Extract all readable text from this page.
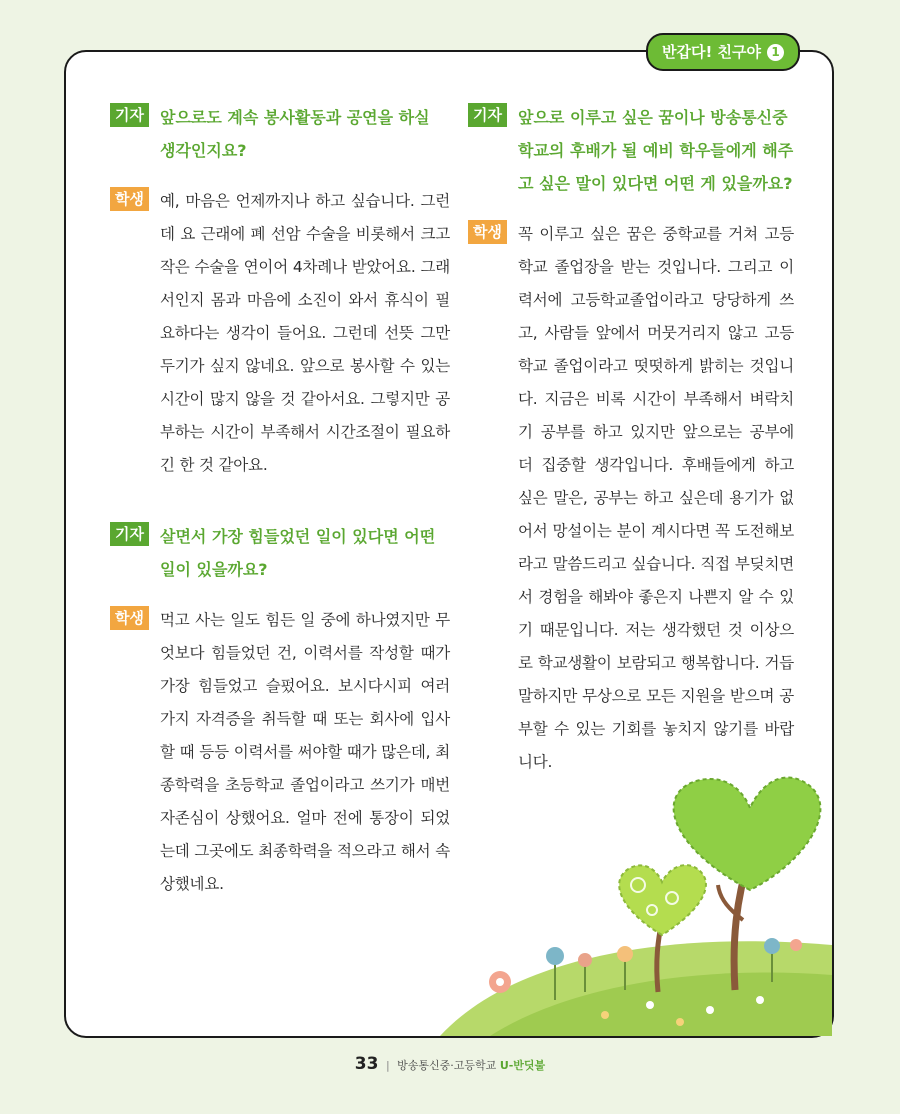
반갑다! 친구야 1
기자	앞으로도 계속 봉사활동과 공연을 하실 생각인지요?
학생	예, 마음은 언제까지나 하고 싶습니다. 그런데 요 근래에 폐 선암 수술을 비롯해서 크고 작은 수술을 연이어 4차례나 받았어요. 그래서인지 몸과 마음에 소진이 와서 휴식이 필요하다는 생각이 들어요. 그런데 선뜻 그만두기가 싶지 않네요. 앞으로 봉사할 수 있는 시간이 많지 않을 것 같아서요. 그렇지만 공부하는 시간이 부족해서 시간조절이 필요하긴 한 것 같아요.
기자	살면서 가장 힘들었던 일이 있다면 어떤 일이 있을까요?
학생	먹고 사는 일도 힘든 일 중에 하나였지만 무엇보다 힘들었던 건, 이력서를 작성할 때가 가장 힘들었고 슬펐어요. 보시다시피 여러 가지 자격증을 취득할 때 또는 회사에 입사할 때 등등 이력서를 써야할 때가 많은데, 최종학력을 초등학교 졸업이라고 쓰기가 매번 자존심이 상했어요. 얼마 전에 통장이 되었는데 그곳에도 최종학력을 적으라고 해서 속상했네요.
기자	앞으로 이루고 싶은 꿈이나 방송통신중학교의 후배가 될 예비 학우들에게 해주고 싶은 말이 있다면 어떤 게 있을까요?
학생	꼭 이루고 싶은 꿈은 중학교를 거쳐 고등학교 졸업장을 받는 것입니다. 그리고 이력서에 고등학교졸업이라고 당당하게 쓰고, 사람들 앞에서 머뭇거리지 않고 고등학교 졸업이라고 떳떳하게 밝히는 것입니다. 지금은 비록 시간이 부족해서 벼락치기 공부를 하고 있지만 앞으로는 공부에 더 집중할 생각입니다. 후배들에게 하고 싶은 말은, 공부는 하고 싶은데 용기가 없어서 망설이는 분이 계시다면 꼭 도전해보라고 말씀드리고 싶습니다. 직접 부딪치면서 경험을 해봐야 좋은지 나쁜지 알 수 있기 때문입니다. 저는 생각했던 것 이상으로 학교생활이 보람되고 행복합니다. 거듭 말하지만 무상으로 모든 지원을 받으며 공부할 수 있는 기회를 놓치지 않기를 바랍니다.
33 | 방송통신중·고등학교 U-반딧불
